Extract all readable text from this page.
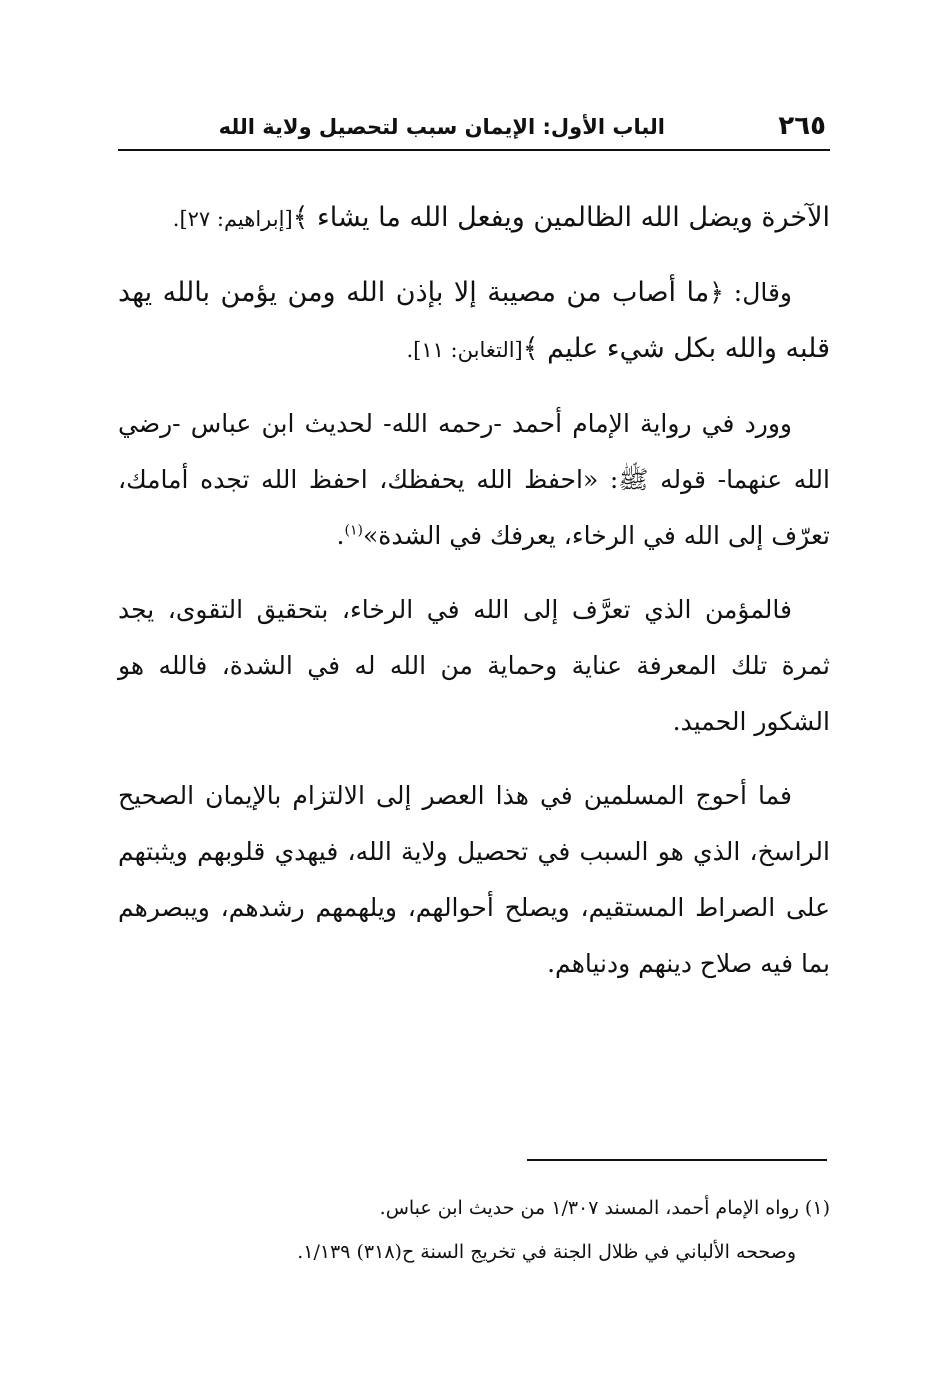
٢٦٥
الباب الأول: الإيمان سبب لتحصيل ولاية الله

الآخرة ويضل الله الظالمين ويفعل الله ما يشاء ﴾[إبراهيم: ٢٧].

وقال: ﴿ما أصاب من مصيبة إلا بإذن الله ومن يؤمن بالله يهد قلبه والله بكل شيء عليم ﴾[التغابن: ١١].

وورد في رواية الإمام أحمد -رحمه الله- لحديث ابن عباس -رضي الله عنهما- قوله ﷺ: «احفظ الله يحفظك، احفظ الله تجده أمامك، تعرّف إلى الله في الرخاء، يعرفك في الشدة»$^{(١)}$.

فالمؤمن الذي تعرَّف إلى الله في الرخاء، بتحقيق التقوى، يجد ثمرة تلك المعرفة عناية وحماية من الله له في الشدة، فالله هو الشكور الحميد.

فما أحوج المسلمين في هذا العصر إلى الالتزام بالإيمان الصحيح الراسخ، الذي هو السبب في تحصيل ولاية الله، فيهدي قلوبهم ويثبتهم على الصراط المستقيم، ويصلح أحوالهم، ويلهمهم رشدهم، ويبصرهم بما فيه صلاح دينهم ودنياهم.

(١) رواه الإمام أحمد، المسند ١/٣٠٧ من حديث ابن عباس.

وصححه الألباني في ظلال الجنة في تخريج السنة ح(٣١٨) ١/١٣٩.
